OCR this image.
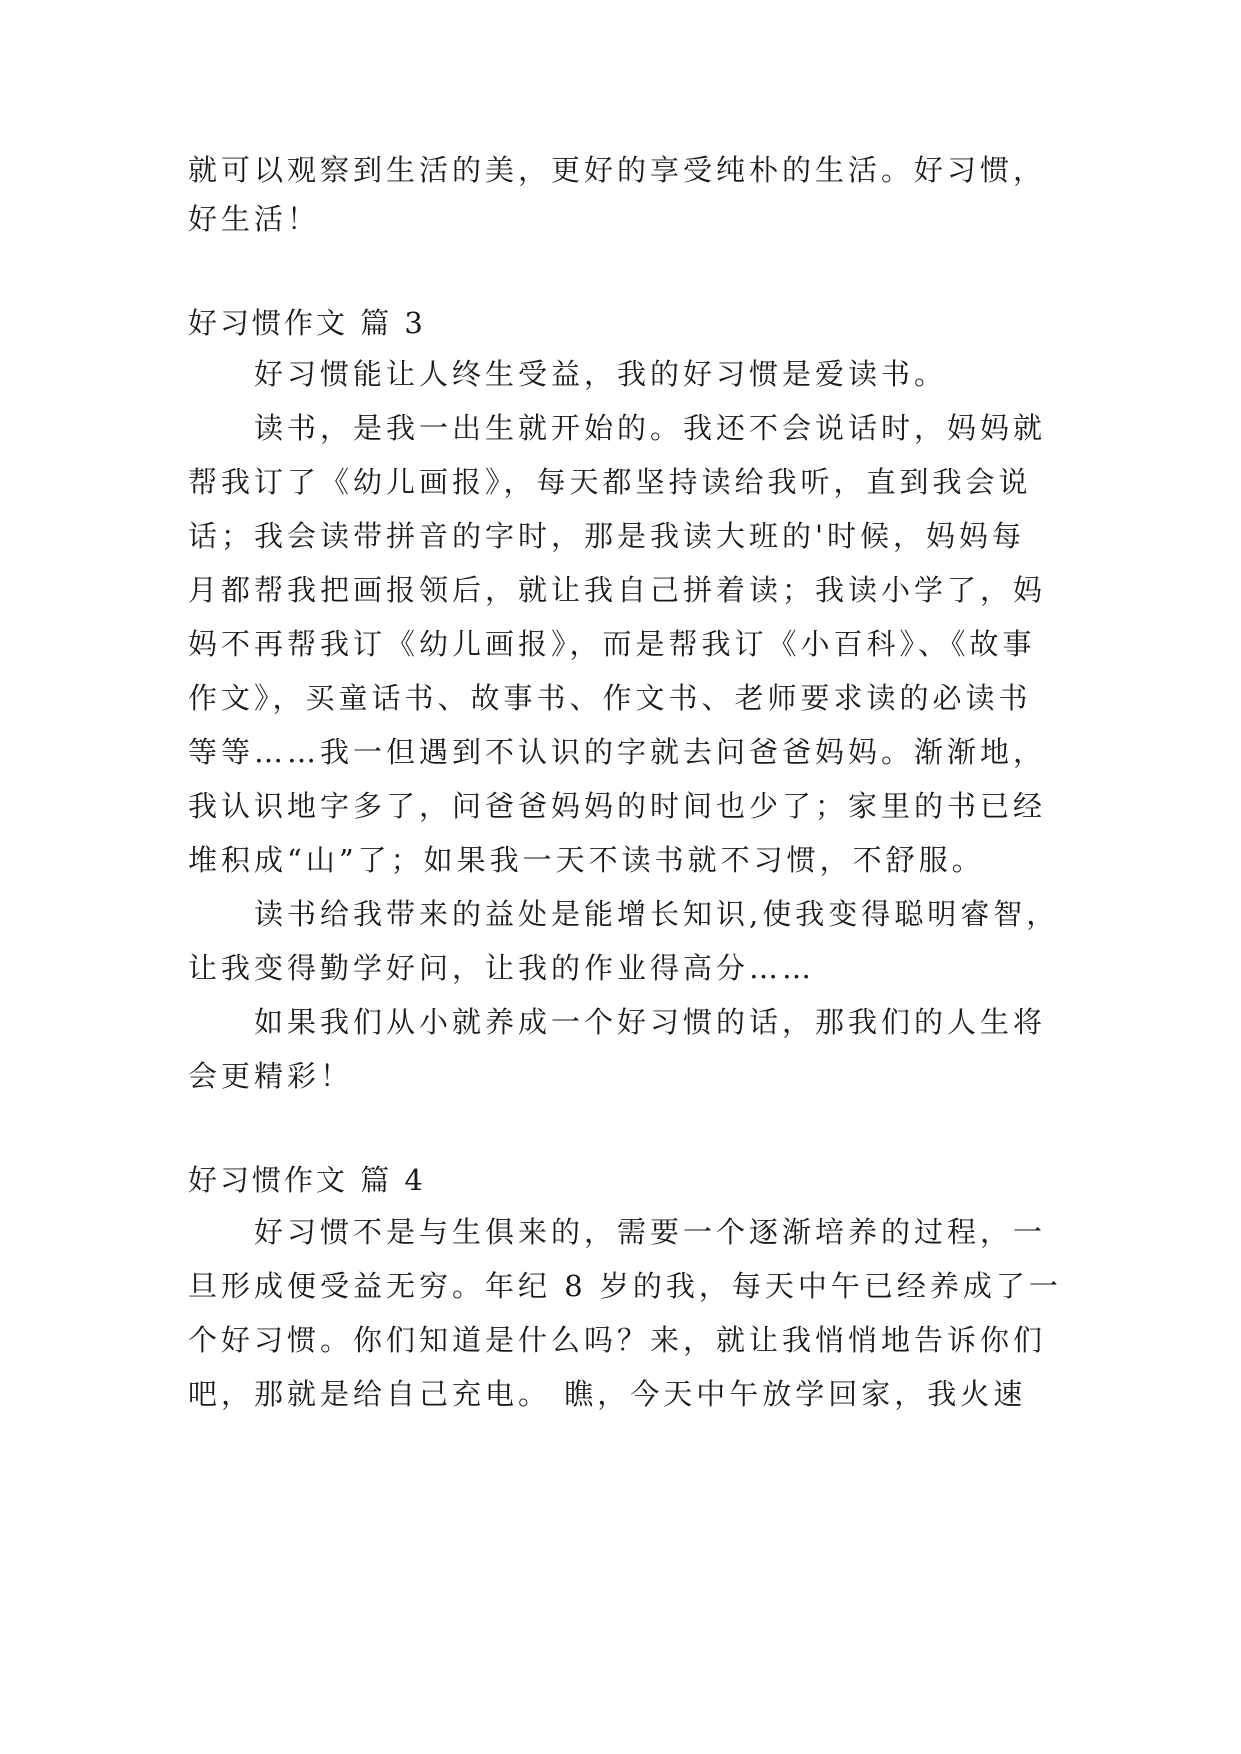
就可以观察到生活的美，更好的享受纯朴的生活。好习惯，
好生活！
好习惯作文 篇 3
好习惯能让人终生受益，我的好习惯是爱读书。
读书，是我一出生就开始的。我还不会说话时，妈妈就
帮我订了《幼儿画报》，每天都坚持读给我听，直到我会说
话；我会读带拼音的字时，那是我读大班的'时候，妈妈每
月都帮我把画报领后，就让我自己拼着读；我读小学了，妈
妈不再帮我订《幼儿画报》，而是帮我订《小百科》、《故事
作文》，买童话书、故事书、作文书、老师要求读的必读书
等等……我一但遇到不认识的字就去问爸爸妈妈。渐渐地，
我认识地字多了，问爸爸妈妈的时间也少了；家里的书已经
堆积成“山”了；如果我一天不读书就不习惯，不舒服。
读书给我带来的益处是能增长知识,使我变得聪明睿智，
让我变得勤学好问，让我的作业得高分……
如果我们从小就养成一个好习惯的话，那我们的人生将
会更精彩！
好习惯作文 篇 4
好习惯不是与生俱来的，需要一个逐渐培养的过程，一
旦形成便受益无穷。年纪 8 岁的我，每天中午已经养成了一
个好习惯。你们知道是什么吗？来，就让我悄悄地告诉你们
吧，那就是给自己充电。 瞧，今天中午放学回家，我火速
